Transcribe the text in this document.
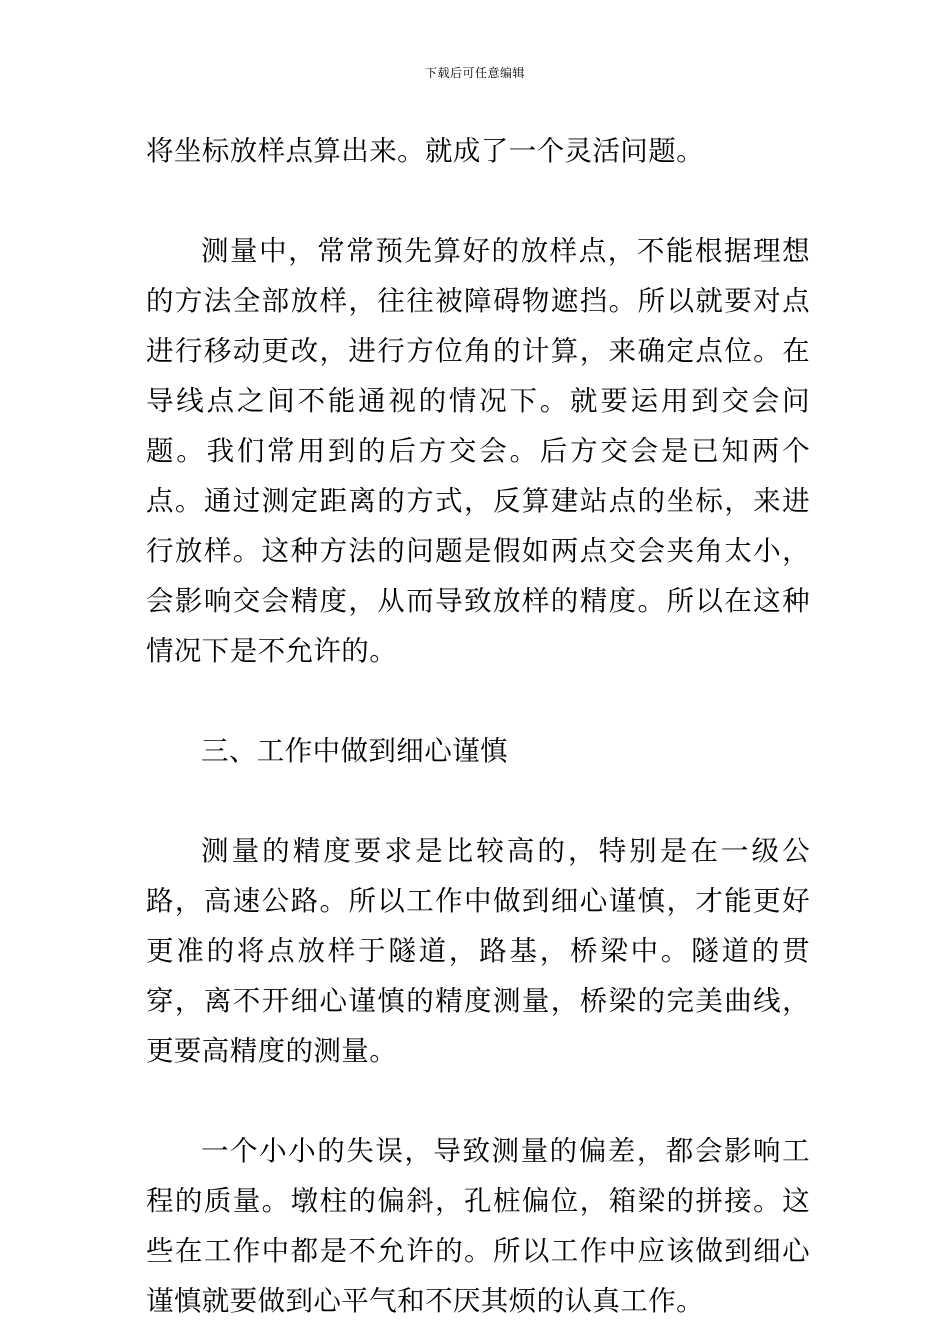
下载后可任意编辑

将坐标放样点算出来。就成了一个灵活问题。

测量中，常常预先算好的放样点，不能根据理想的方法全部放样，往往被障碍物遮挡。所以就要对点进行移动更改，进行方位角的计算，来确定点位。在导线点之间不能通视的情况下。就要运用到交会问题。我们常用到的后方交会。后方交会是已知两个点。通过测定距离的方式，反算建站点的坐标，来进行放样。这种方法的问题是假如两点交会夹角太小，会影响交会精度，从而导致放样的精度。所以在这种情况下是不允许的。

三、工作中做到细心谨慎

测量的精度要求是比较高的，特别是在一级公路，高速公路。所以工作中做到细心谨慎，才能更好更准的将点放样于隧道，路基，桥梁中。隧道的贯穿，离不开细心谨慎的精度测量，桥梁的完美曲线，更要高精度的测量。

一个小小的失误，导致测量的偏差，都会影响工程的质量。墩柱的偏斜，孔桩偏位，箱梁的拼接。这些在工作中都是不允许的。所以工作中应该做到细心谨慎就要做到心平气和不厌其烦的认真工作。
